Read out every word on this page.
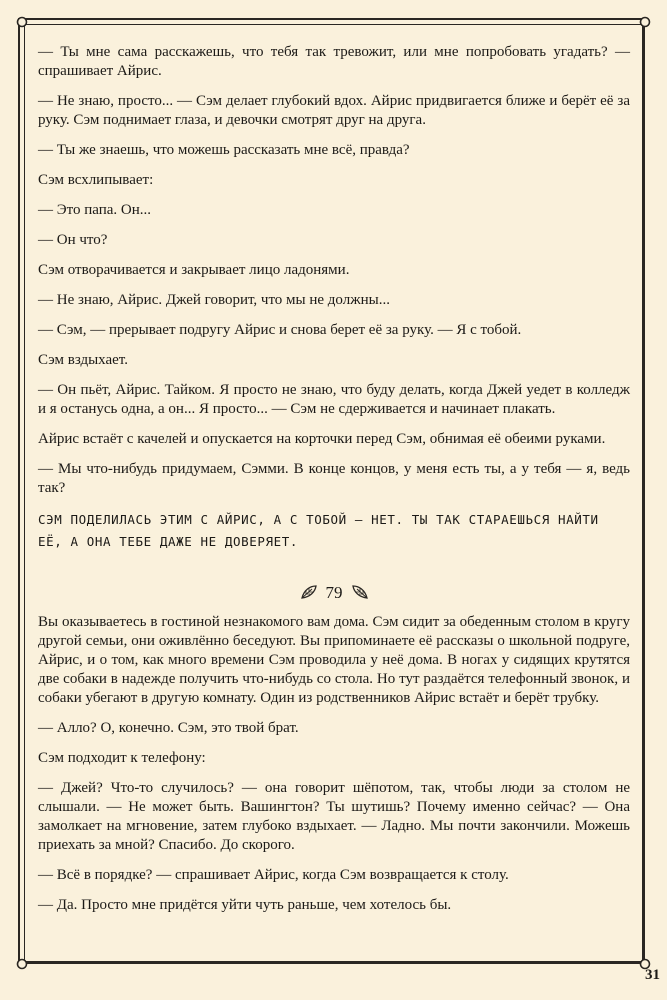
— Ты мне сама расскажешь, что тебя так тревожит, или мне попробовать угадать? — спрашивает Айрис.

— Не знаю, просто... — Сэм делает глубокий вдох. Айрис придвигается ближе и берёт её за руку. Сэм поднимает глаза, и девочки смотрят друг на друга.

— Ты же знаешь, что можешь рассказать мне всё, правда?

Сэм всхлипывает:

— Это папа. Он...

— Он что?

Сэм отворачивается и закрывает лицо ладонями.

— Не знаю, Айрис. Джей говорит, что мы не должны...

— Сэм, — прерывает подругу Айрис и снова берет её за руку. — Я с тобой.

Сэм вздыхает.

— Он пьёт, Айрис. Тайком. Я просто не знаю, что буду делать, когда Джей уедет в колледж и я останусь одна, а он... Я просто... — Сэм не сдерживается и начинает плакать.

Айрис встаёт с качелей и опускается на корточки перед Сэм, обнимая её обеими руками.

— Мы что-нибудь придумаем, Сэмми. В конце концов, у меня есть ты, а у тебя — я, ведь так?

СЭМ ПОДЕЛИЛАСЬ ЭТИМ С АЙРИС, А С ТОБОЙ — НЕТ. ТЫ ТАК СТАРАЕШЬСЯ НАЙТИ ЕЁ, А ОНА ТЕБЕ ДАЖЕ НЕ ДОВЕРЯЕТ.

79

Вы оказываетесь в гостиной незнакомого вам дома. Сэм сидит за обеденным столом в кругу другой семьи, они оживлённо беседуют. Вы припоминаете её рассказы о школьной подруге, Айрис, и о том, как много времени Сэм проводила у неё дома. В ногах у сидящих крутятся две собаки в надежде получить что-нибудь со стола. Но тут раздаётся телефонный звонок, и собаки убегают в другую комнату. Один из родственников Айрис встаёт и берёт трубку.

— Алло? О, конечно. Сэм, это твой брат.

Сэм подходит к телефону:

— Джей? Что-то случилось? — она говорит шёпотом, так, чтобы люди за столом не слышали. — Не может быть. Вашингтон? Ты шутишь? Почему именно сейчас? — Она замолкает на мгновение, затем глубоко вздыхает. — Ладно. Мы почти закончили. Можешь приехать за мной? Спасибо. До скорого.

— Всё в порядке? — спрашивает Айрис, когда Сэм возвращается к столу.

— Да. Просто мне придётся уйти чуть раньше, чем хотелось бы.

31
